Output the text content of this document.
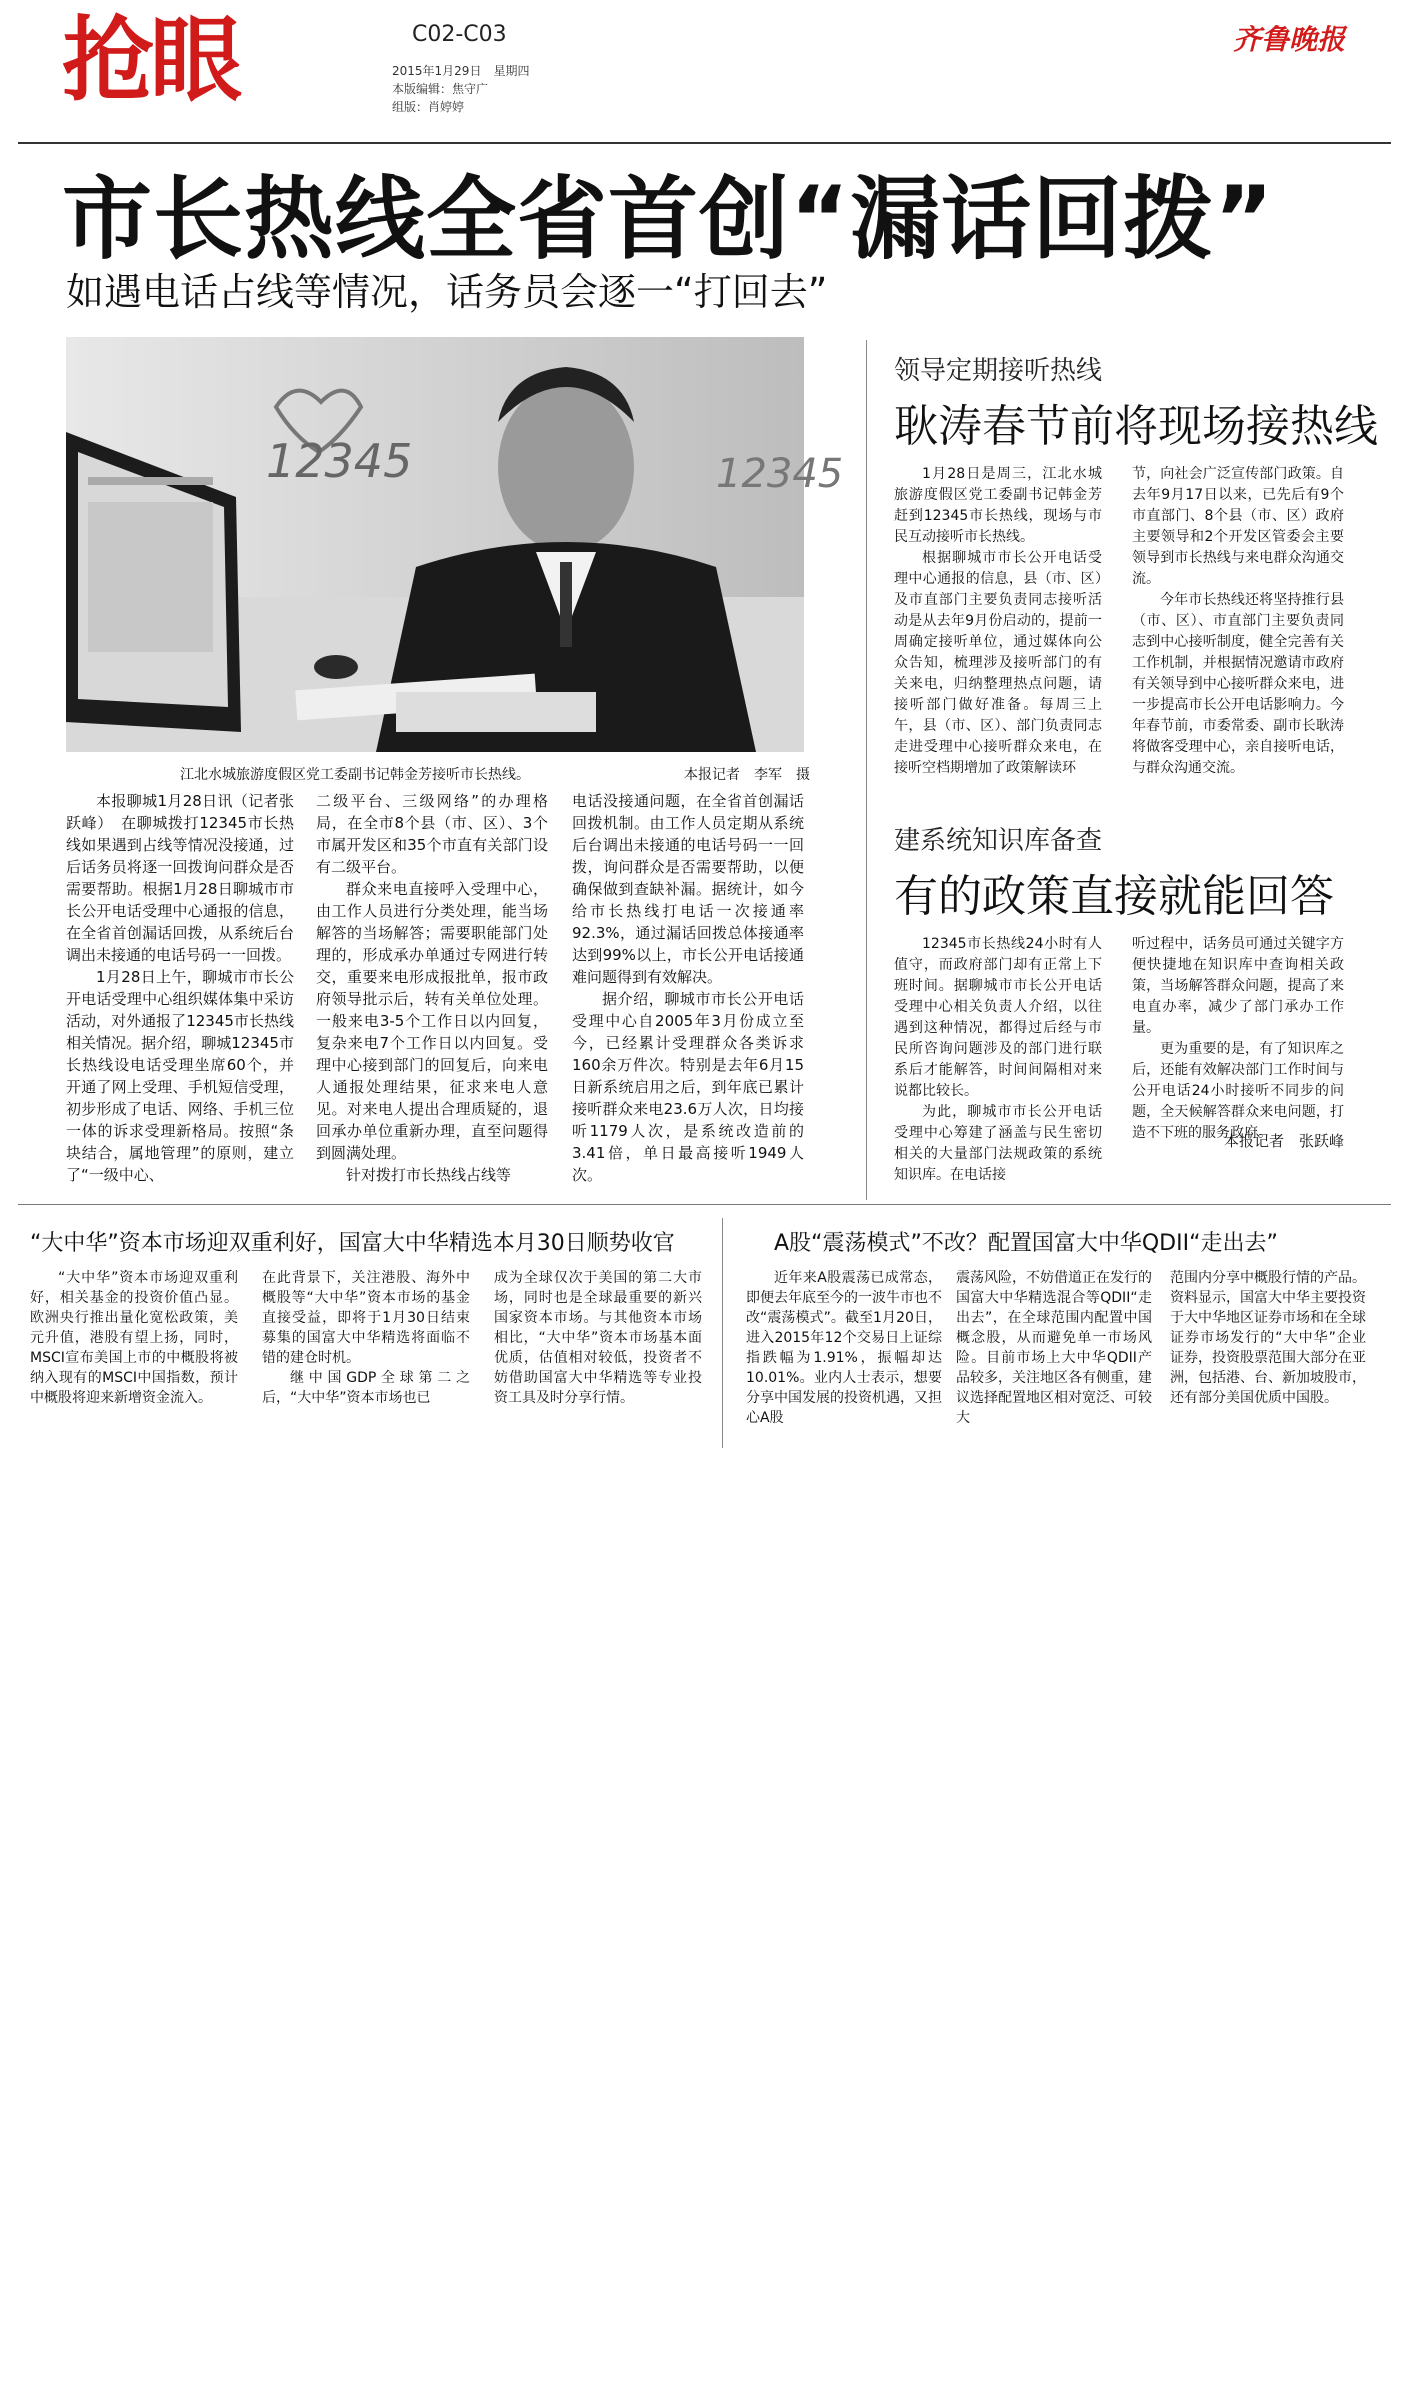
抢眼	C02-C03
2015年1月29日　星期四
本版编辑：焦守广
组版：肖婷婷
齐鲁晚报
市长热线全省首创“漏话回拨”
如遇电话占线等情况，话务员会逐一“打回去”
12345	12345
江北水城旅游度假区党工委副书记韩金芳接听市长热线。	本报记者　李军　摄

本报聊城1月28日讯（记者张跃峰）　在聊城拨打12345市长热线如果遇到占线等情况没接通，过后话务员将逐一回拨询问群众是否需要帮助。根据1月28日聊城市市长公开电话受理中心通报的信息，在全省首创漏话回拨，从系统后台调出未接通的电话号码一一回拨。

1月28日上午，聊城市市长公开电话受理中心组织媒体集中采访活动，对外通报了12345市长热线相关情况。据介绍，聊城12345市长热线设电话受理坐席60个，并开通了网上受理、手机短信受理，初步形成了电话、网络、手机三位一体的诉求受理新格局。按照“条块结合，属地管理”的原则，建立了“一级中心、

二级平台、三级网络”的办理格局，在全市8个县（市、区）、3个市属开发区和35个市直有关部门设有二级平台。

群众来电直接呼入受理中心，由工作人员进行分类处理，能当场解答的当场解答；需要职能部门处理的，形成承办单通过专网进行转交，重要来电形成报批单，报市政府领导批示后，转有关单位处理。一般来电3-5个工作日以内回复，复杂来电7个工作日以内回复。受理中心接到部门的回复后，向来电人通报处理结果，征求来电人意见。对来电人提出合理质疑的，退回承办单位重新办理，直至问题得到圆满处理。

针对拨打市长热线占线等

电话没接通问题，在全省首创漏话回拨机制。由工作人员定期从系统后台调出未接通的电话号码一一回拨，询问群众是否需要帮助，以便确保做到查缺补漏。据统计，如今给市长热线打电话一次接通率92.3%，通过漏话回拨总体接通率达到99%以上，市长公开电话接通难问题得到有效解决。

据介绍，聊城市市长公开电话受理中心自2005年3月份成立至今，已经累计受理群众各类诉求160余万件次。特别是去年6月15日新系统启用之后，到年底已累计接听群众来电23.6万人次，日均接听1179人次，是系统改造前的3.41倍，单日最高接听1949人次。

领导定期接听热线
耿涛春节前将现场接热线

1月28日是周三，江北水城旅游度假区党工委副书记韩金芳赶到12345市长热线，现场与市民互动接听市长热线。

根据聊城市市长公开电话受理中心通报的信息，县（市、区）及市直部门主要负责同志接听活动是从去年9月份启动的，提前一周确定接听单位，通过媒体向公众告知，梳理涉及接听部门的有关来电，归纳整理热点问题，请接听部门做好准备。每周三上午，县（市、区）、部门负责同志走进受理中心接听群众来电，在接听空档期增加了政策解读环

节，向社会广泛宣传部门政策。自去年9月17日以来，已先后有9个市直部门、8个县（市、区）政府主要领导和2个开发区管委会主要领导到市长热线与来电群众沟通交流。

今年市长热线还将坚持推行县（市、区）、市直部门主要负责同志到中心接听制度，健全完善有关工作机制，并根据情况邀请市政府有关领导到中心接听群众来电，进一步提高市长公开电话影响力。今年春节前，市委常委、副市长耿涛将做客受理中心，亲自接听电话，与群众沟通交流。

建系统知识库备查
有的政策直接就能回答

12345市长热线24小时有人值守，而政府部门却有正常上下班时间。据聊城市市长公开电话受理中心相关负责人介绍，以往遇到这种情况，都得过后经与市民所咨询问题涉及的部门进行联系后才能解答，时间间隔相对来说都比较长。

为此，聊城市市长公开电话受理中心筹建了涵盖与民生密切相关的大量部门法规政策的系统知识库。在电话接

听过程中，话务员可通过关键字方便快捷地在知识库中查询相关政策，当场解答群众问题，提高了来电直办率，减少了部门承办工作量。

更为重要的是，有了知识库之后，还能有效解决部门工作时间与公开电话24小时接听不同步的问题，全天候解答群众来电问题，打造不下班的服务政府。

本报记者　张跃峰
“大中华”资本市场迎双重利好，国富大中华精选本月30日顺势收官

“大中华”资本市场迎双重利好，相关基金的投资价值凸显。欧洲央行推出量化宽松政策，美元升值，港股有望上扬，同时，MSCI宣布美国上市的中概股将被纳入现有的MSCI中国指数，预计中概股将迎来新增资金流入。

在此背景下，关注港股、海外中概股等“大中华”资本市场的基金直接受益，即将于1月30日结束募集的国富大中华精选将面临不错的建仓时机。

继中国GDP全球第二之后，“大中华”资本市场也已

成为全球仅次于美国的第二大市场，同时也是全球最重要的新兴国家资本市场。与其他资本市场相比，“大中华”资本市场基本面优质，估值相对较低，投资者不妨借助国富大中华精选等专业投资工具及时分享行情。

A股“震荡模式”不改？配置国富大中华QDII“走出去”

近年来A股震荡已成常态，即便去年底至今的一波牛市也不改“震荡模式”。截至1月20日，进入2015年12个交易日上证综指跌幅为1.91%，振幅却达10.01%。业内人士表示，想要分享中国发展的投资机遇，又担心A股

震荡风险，不妨借道正在发行的国富大中华精选混合等QDII“走出去”，在全球范围内配置中国概念股，从而避免单一市场风险。目前市场上大中华QDII产品较多，关注地区各有侧重，建议选择配置地区相对宽泛、可较大

范围内分享中概股行情的产品。资料显示，国富大中华主要投资于大中华地区证券市场和在全球证券市场发行的“大中华”企业证券，投资股票范围大部分在亚洲，包括港、台、新加坡股市，还有部分美国优质中国股。
